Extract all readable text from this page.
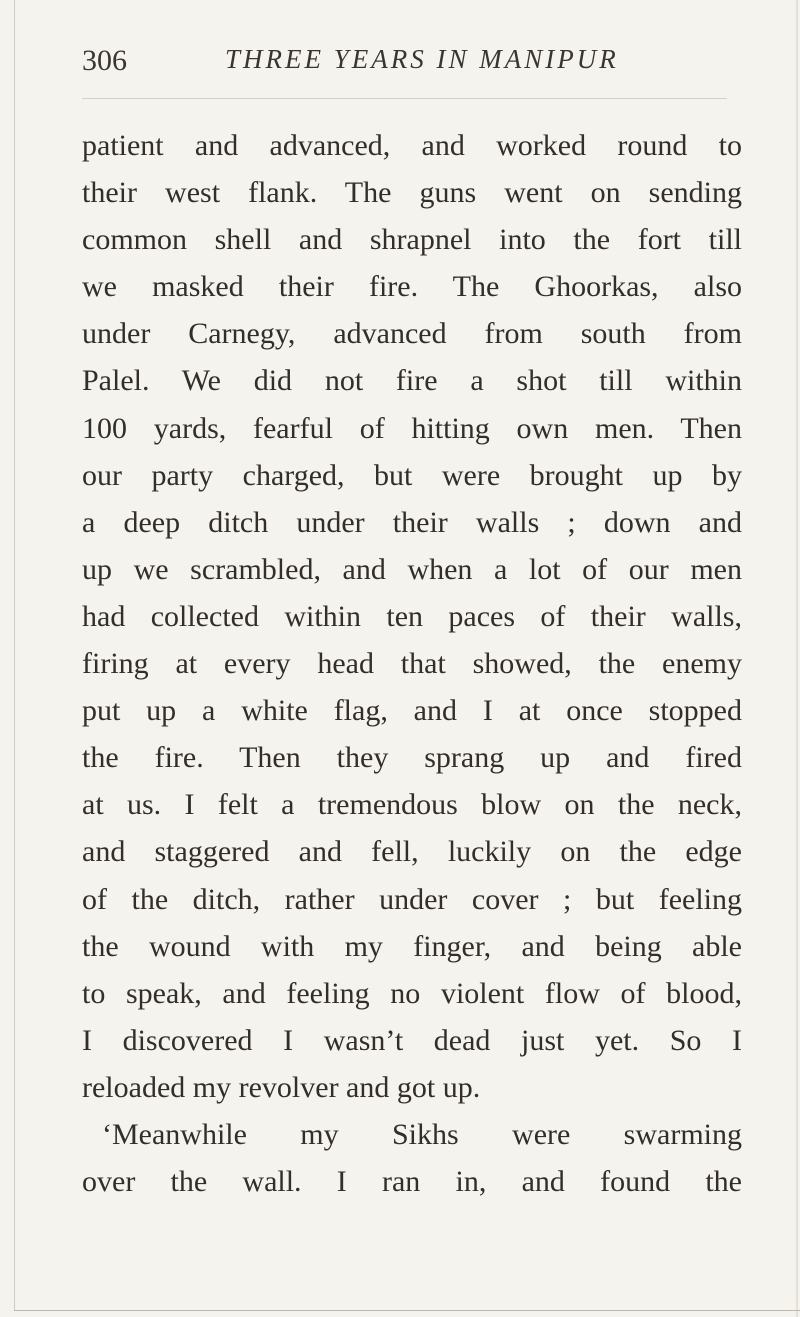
306	THREE YEARS IN MANIPUR
patient and advanced, and worked round to
their west flank. The guns went on sending
common shell and shrapnel into the fort till
we masked their fire. The Ghoorkas, also
under Carnegy, advanced from south from
Palel. We did not fire a shot till within
100 yards, fearful of hitting own men. Then
our party charged, but were brought up by
a deep ditch under their walls ; down and
up we scrambled, and when a lot of our men
had collected within ten paces of their walls,
firing at every head that showed, the enemy
put up a white flag, and I at once stopped
the fire. Then they sprang up and fired
at us. I felt a tremendous blow on the neck,
and staggered and fell, luckily on the edge
of the ditch, rather under cover ; but feeling
the wound with my finger, and being able
to speak, and feeling no violent flow of blood,
I discovered I wasn’t dead just yet. So I
reloaded my revolver and got up.
‘Meanwhile my Sikhs were swarming
over the wall. I ran in, and found the
